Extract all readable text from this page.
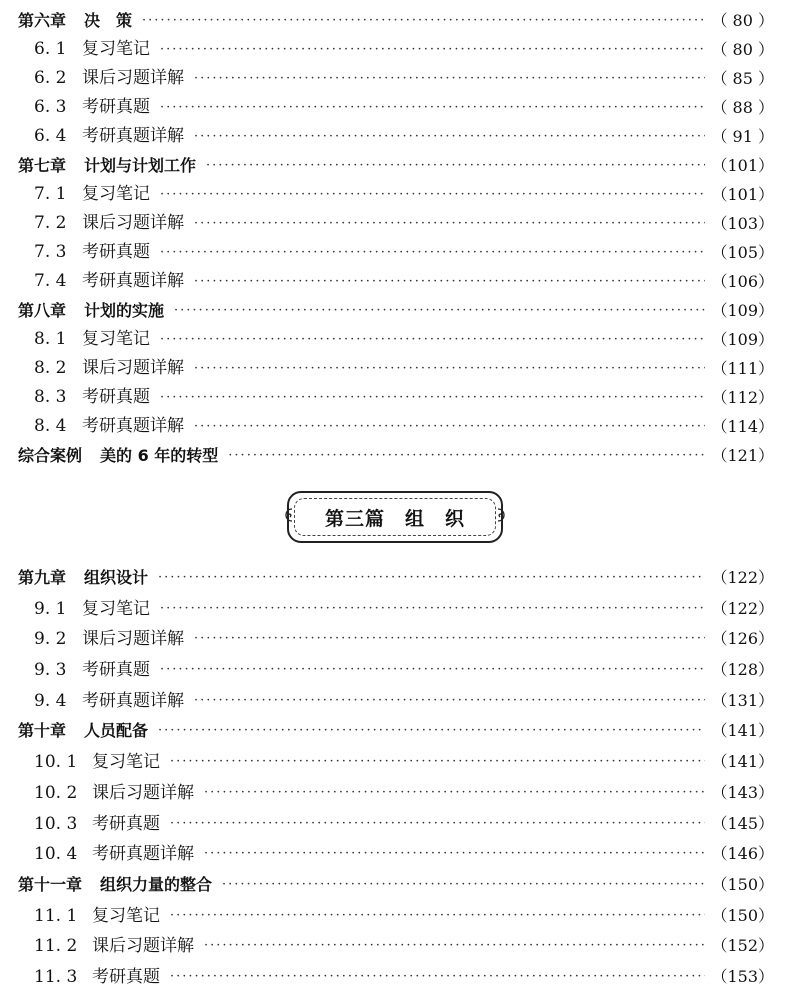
第六章 决　策 ·····	（ 80 ）
6. 1 复习笔记 ·····	（ 80 ）
6. 2 课后习题详解 ·····	（ 85 ）
6. 3 考研真题 ·····	（ 88 ）
6. 4 考研真题详解 ·····	（ 91 ）
第七章 计划与计划工作 ·····	（101）
7. 1 复习笔记 ·····	（101）
7. 2 课后习题详解 ·····	（103）
7. 3 考研真题 ·····	（105）
7. 4 考研真题详解 ·····	（106）
第八章 计划的实施 ·····	（109）
8. 1 复习笔记 ·····	（109）
8. 2 课后习题详解 ·····	（111）
8. 3 考研真题 ·····	（112）
8. 4 考研真题详解 ·····	（114）
综合案例 美的 6 年的转型 ·····	（121）
第三篇　组　织
第九章 组织设计 ·····	（122）
9. 1 复习笔记 ·····	（122）
9. 2 课后习题详解 ·····	（126）
9. 3 考研真题 ·····	（128）
9. 4 考研真题详解 ·····	（131）
第十章 人员配备 ·····	（141）
10. 1 复习笔记 ·····	（141）
10. 2 课后习题详解 ·····	（143）
10. 3 考研真题 ·····	（145）
10. 4 考研真题详解 ·····	（146）
第十一章 组织力量的整合 ·····	（150）
11. 1 复习笔记 ·····	（150）
11. 2 课后习题详解 ·····	（152）
11. 3 考研真题 ·····	（153）
